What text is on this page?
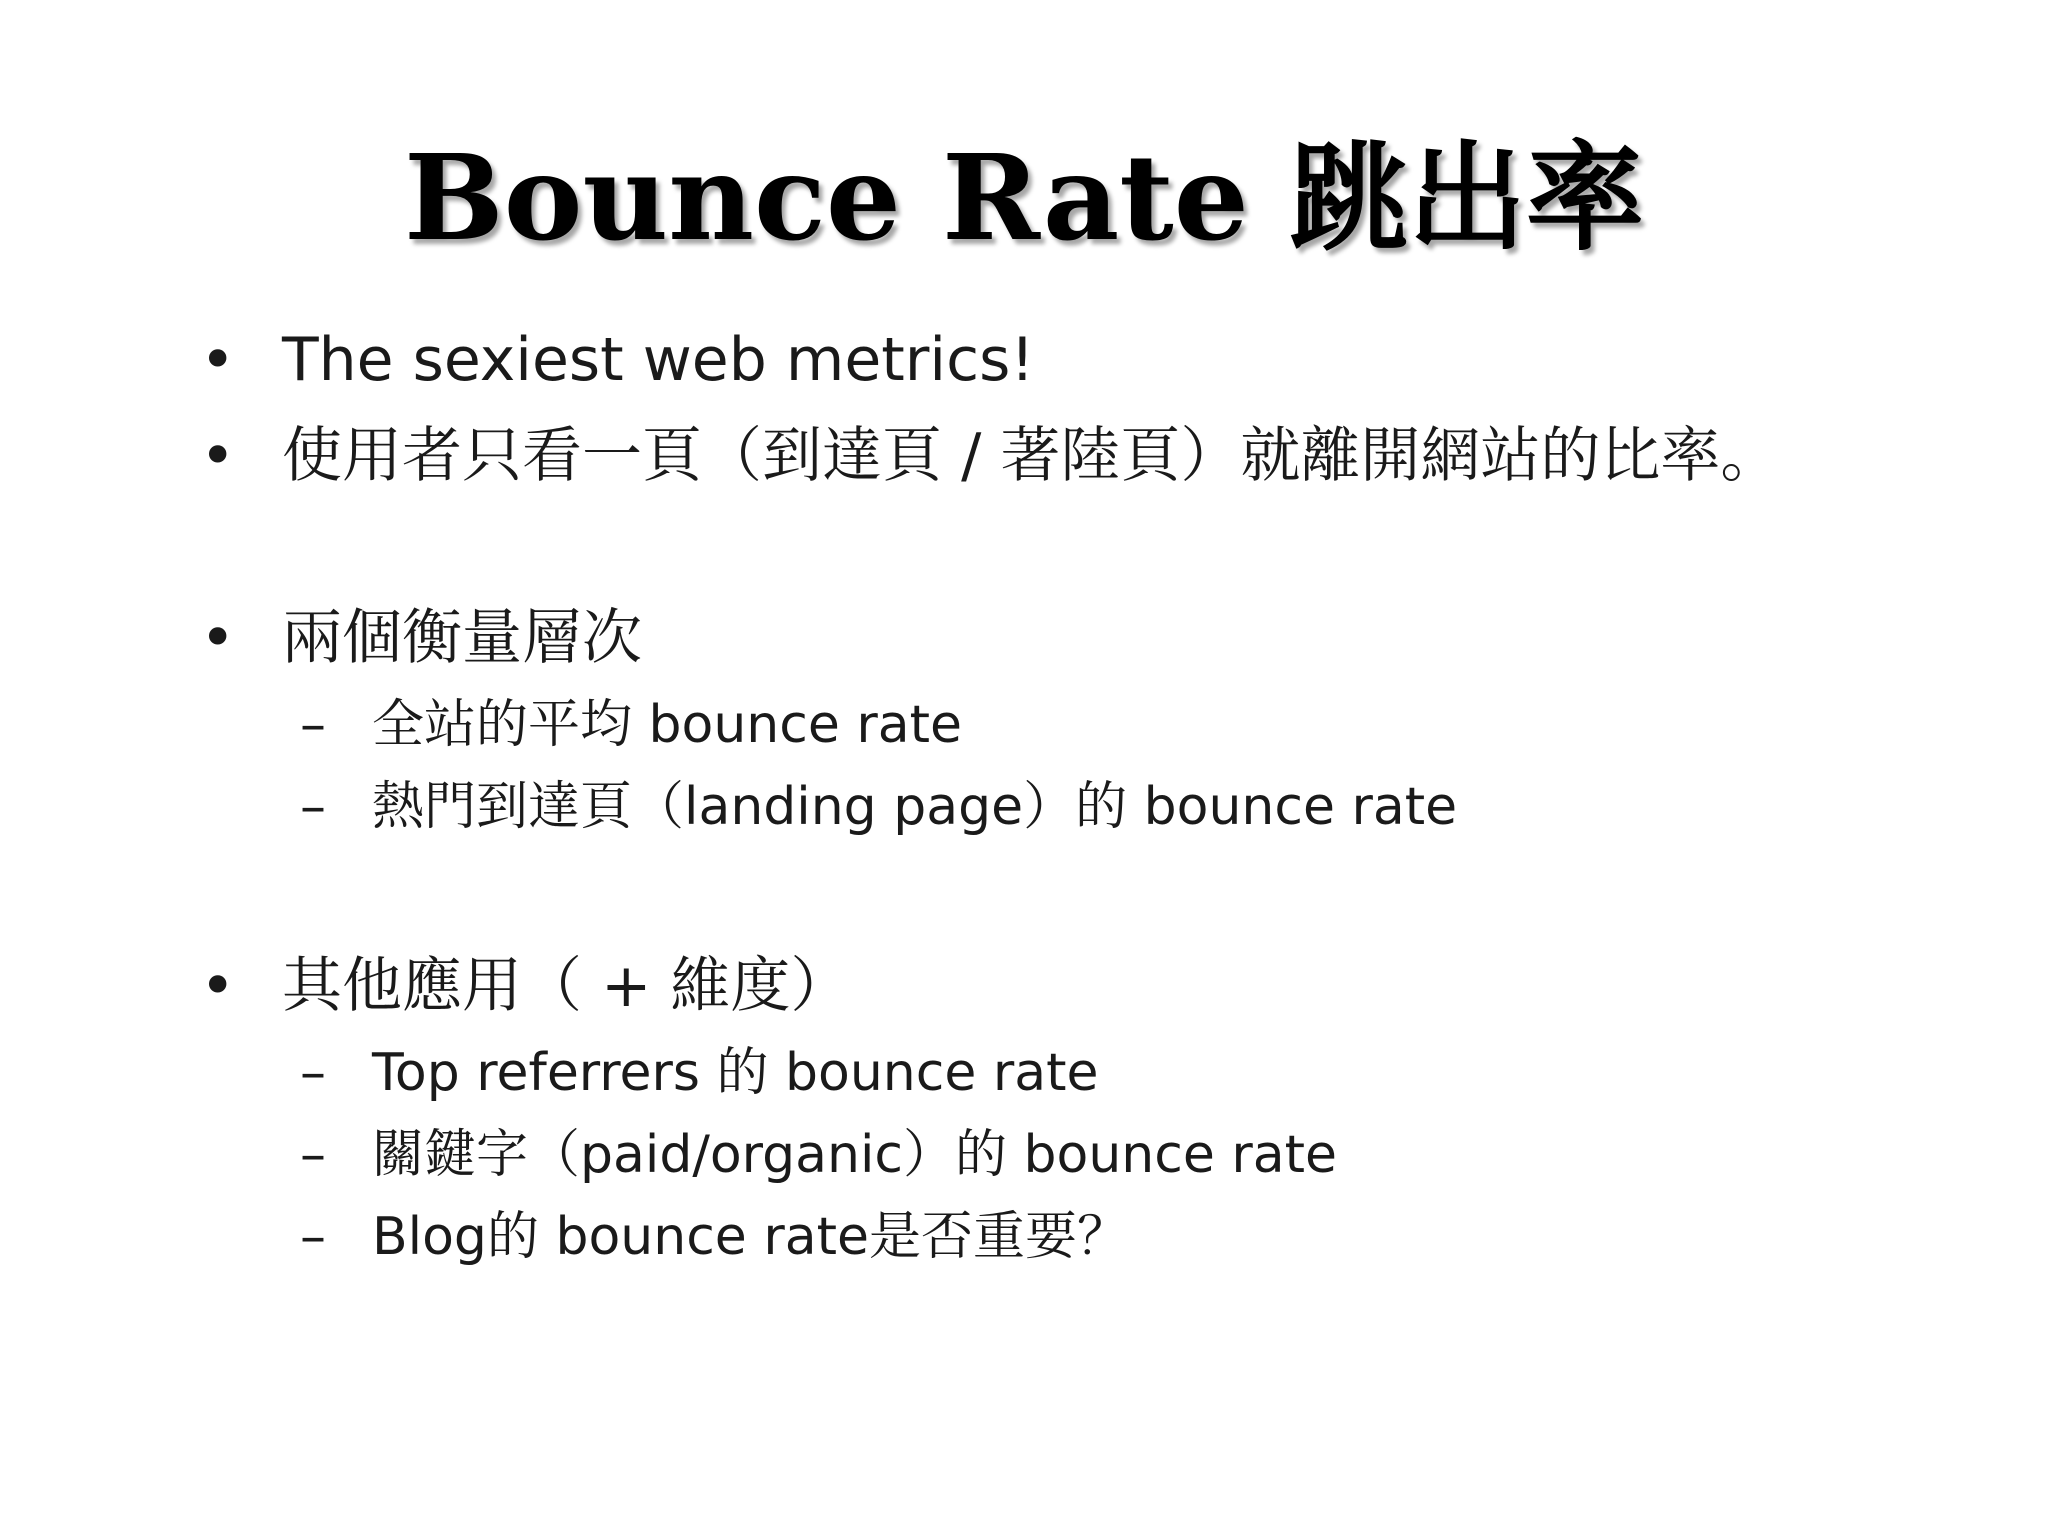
Bounce Rate 跳出率
• The sexiest web metrics!
• 使用者只看一頁（到達頁 / 著陸頁）就離開網站的比率。
• 兩個衡量層次
– 全站的平均 bounce rate
– 熱門到達頁（landing page）的 bounce rate
• 其他應用（ + 維度）
– Top referrers 的 bounce rate
– 關鍵字（paid/organic）的 bounce rate
– Blog的 bounce rate是否重要？
